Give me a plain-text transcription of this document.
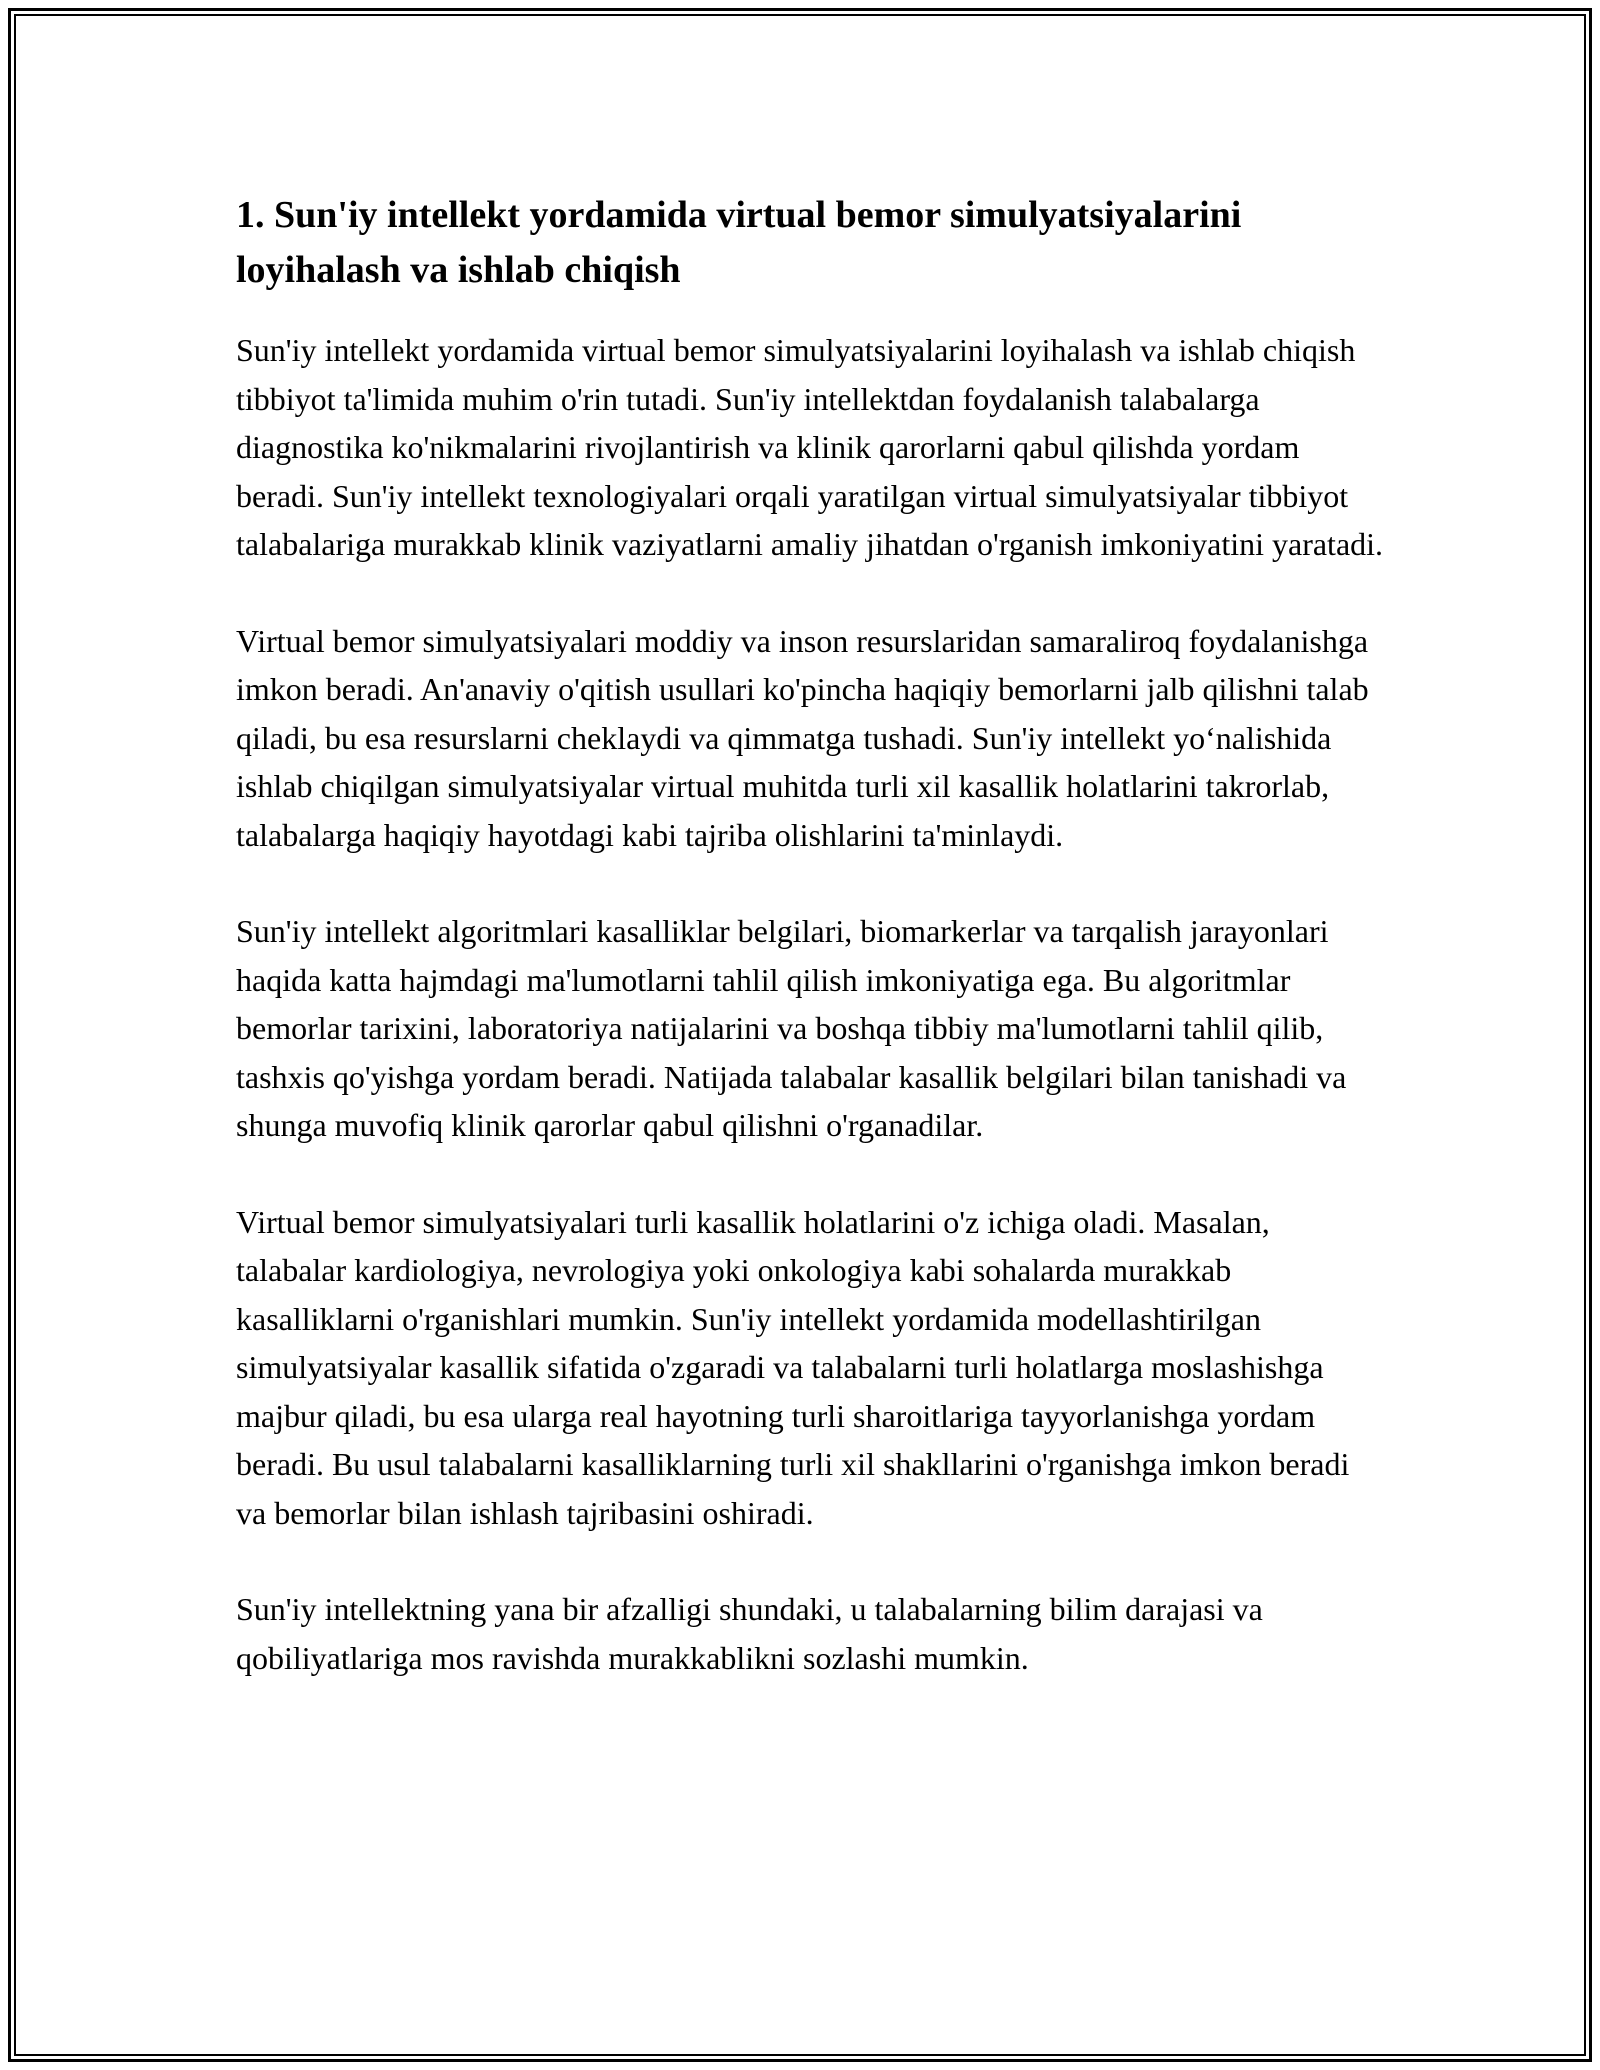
1. Sun'iy intellekt yordamida virtual bemor simulyatsiyalarini loyihalash va ishlab chiqish

Sun'iy intellekt yordamida virtual bemor simulyatsiyalarini loyihalash va ishlab chiqish tibbiyot ta'limida muhim o'rin tutadi. Sun'iy intellektdan foydalanish talabalarga diagnostika ko'nikmalarini rivojlantirish va klinik qarorlarni qabul qilishda yordam beradi. Sun'iy intellekt texnologiyalari orqali yaratilgan virtual simulyatsiyalar tibbiyot talabalariga murakkab klinik vaziyatlarni amaliy jihatdan o'rganish imkoniyatini yaratadi.

Virtual bemor simulyatsiyalari moddiy va inson resurslaridan samaraliroq foydalanishga imkon beradi. An'anaviy o'qitish usullari ko'pincha haqiqiy bemorlarni jalb qilishni talab qiladi, bu esa resurslarni cheklaydi va qimmatga tushadi. Sun'iy intellekt yo‘nalishida ishlab chiqilgan simulyatsiyalar virtual muhitda turli xil kasallik holatlarini takrorlab, talabalarga haqiqiy hayotdagi kabi tajriba olishlarini ta'minlaydi.

Sun'iy intellekt algoritmlari kasalliklar belgilari, biomarkerlar va tarqalish jarayonlari haqida katta hajmdagi ma'lumotlarni tahlil qilish imkoniyatiga ega. Bu algoritmlar bemorlar tarixini, laboratoriya natijalarini va boshqa tibbiy ma'lumotlarni tahlil qilib, tashxis qo'yishga yordam beradi. Natijada talabalar kasallik belgilari bilan tanishadi va shunga muvofiq klinik qarorlar qabul qilishni o'rganadilar.

Virtual bemor simulyatsiyalari turli kasallik holatlarini o'z ichiga oladi. Masalan, talabalar kardiologiya, nevrologiya yoki onkologiya kabi sohalarda murakkab kasalliklarni o'rganishlari mumkin. Sun'iy intellekt yordamida modellashtirilgan simulyatsiyalar kasallik sifatida o'zgaradi va talabalarni turli holatlarga moslashishga majbur qiladi, bu esa ularga real hayotning turli sharoitlariga tayyorlanishga yordam beradi. Bu usul talabalarni kasalliklarning turli xil shakllarini o'rganishga imkon beradi va bemorlar bilan ishlash tajribasini oshiradi.

Sun'iy intellektning yana bir afzalligi shundaki, u talabalarning bilim darajasi va qobiliyatlariga mos ravishda murakkablikni sozlashi mumkin.
